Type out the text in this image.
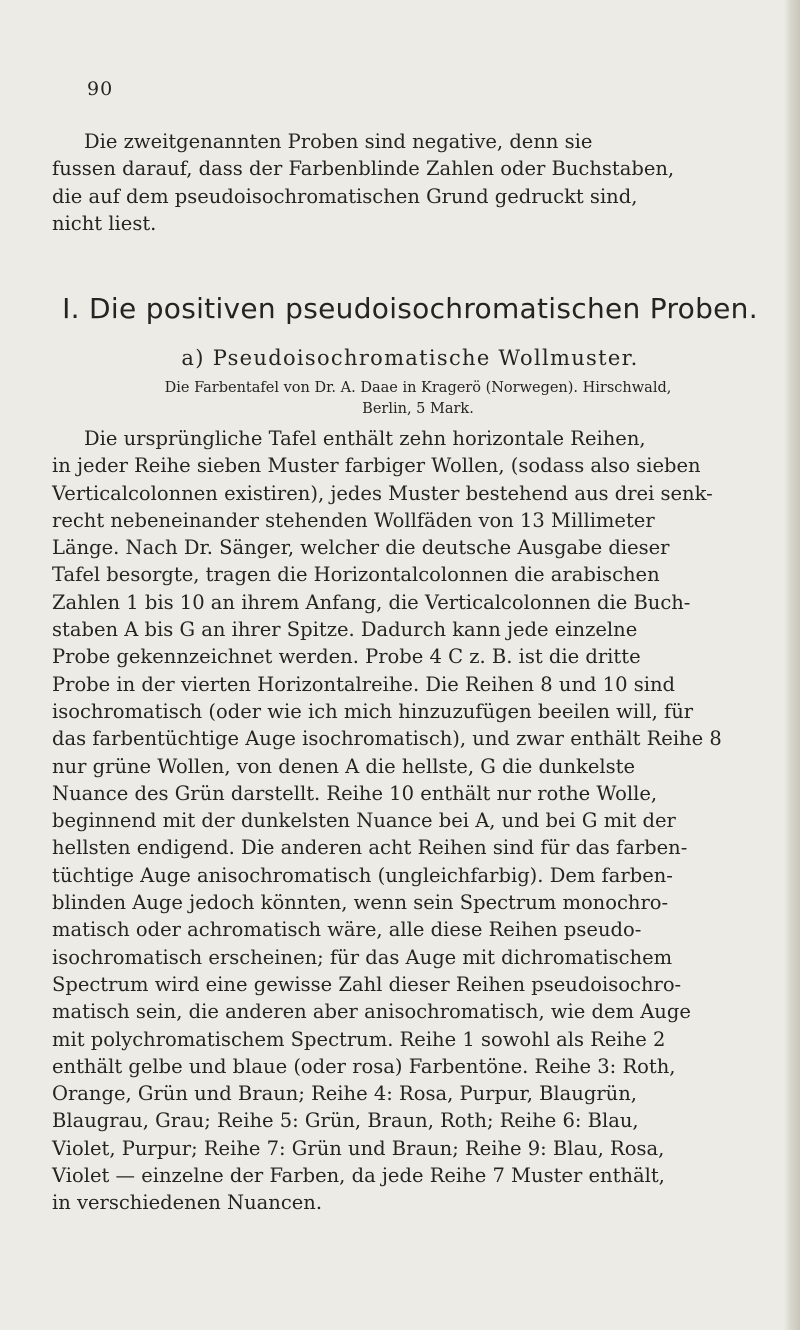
90

Die zweitgenannten Proben sind negative, denn sie
fussen darauf, dass der Farbenblinde Zahlen oder Buchstaben,
die auf dem pseudoisochromatischen Grund gedruckt sind,
nicht liest.

I. Die positiven pseudoisochromatischen Proben.
a) Pseudoisochromatische Wollmuster.
Die Farbentafel von Dr. A. Daae in Kragerö (Norwegen). Hirschwald,
Berlin, 5 Mark.

Die ursprüngliche Tafel enthält zehn horizontale Reihen,
in jeder Reihe sieben Muster farbiger Wollen, (sodass also sieben
Verticalcolonnen existiren), jedes Muster bestehend aus drei senk-
recht nebeneinander stehenden Wollfäden von 13 Millimeter
Länge. Nach Dr. Sänger, welcher die deutsche Ausgabe dieser
Tafel besorgte, tragen die Horizontalcolonnen die arabischen
Zahlen 1 bis 10 an ihrem Anfang, die Verticalcolonnen die Buch-
staben A bis G an ihrer Spitze. Dadurch kann jede einzelne
Probe gekennzeichnet werden. Probe 4 C z. B. ist die dritte
Probe in der vierten Horizontalreihe. Die Reihen 8 und 10 sind
isochromatisch (oder wie ich mich hinzuzufügen beeilen will, für
das farbentüchtige Auge isochromatisch), und zwar enthält Reihe 8
nur grüne Wollen, von denen A die hellste, G die dunkelste
Nuance des Grün darstellt. Reihe 10 enthält nur rothe Wolle,
beginnend mit der dunkelsten Nuance bei A, und bei G mit der
hellsten endigend. Die anderen acht Reihen sind für das farben-
tüchtige Auge anisochromatisch (ungleichfarbig). Dem farben-
blinden Auge jedoch könnten, wenn sein Spectrum monochro-
matisch oder achromatisch wäre, alle diese Reihen pseudo-
isochromatisch erscheinen; für das Auge mit dichromatischem
Spectrum wird eine gewisse Zahl dieser Reihen pseudoisochro-
matisch sein, die anderen aber anisochromatisch, wie dem Auge
mit polychromatischem Spectrum. Reihe 1 sowohl als Reihe 2
enthält gelbe und blaue (oder rosa) Farbentöne. Reihe 3: Roth,
Orange, Grün und Braun; Reihe 4: Rosa, Purpur, Blaugrün,
Blaugrau, Grau; Reihe 5: Grün, Braun, Roth; Reihe 6: Blau,
Violet, Purpur; Reihe 7: Grün und Braun; Reihe 9: Blau, Rosa,
Violet — einzelne der Farben, da jede Reihe 7 Muster enthält,
in verschiedenen Nuancen.
